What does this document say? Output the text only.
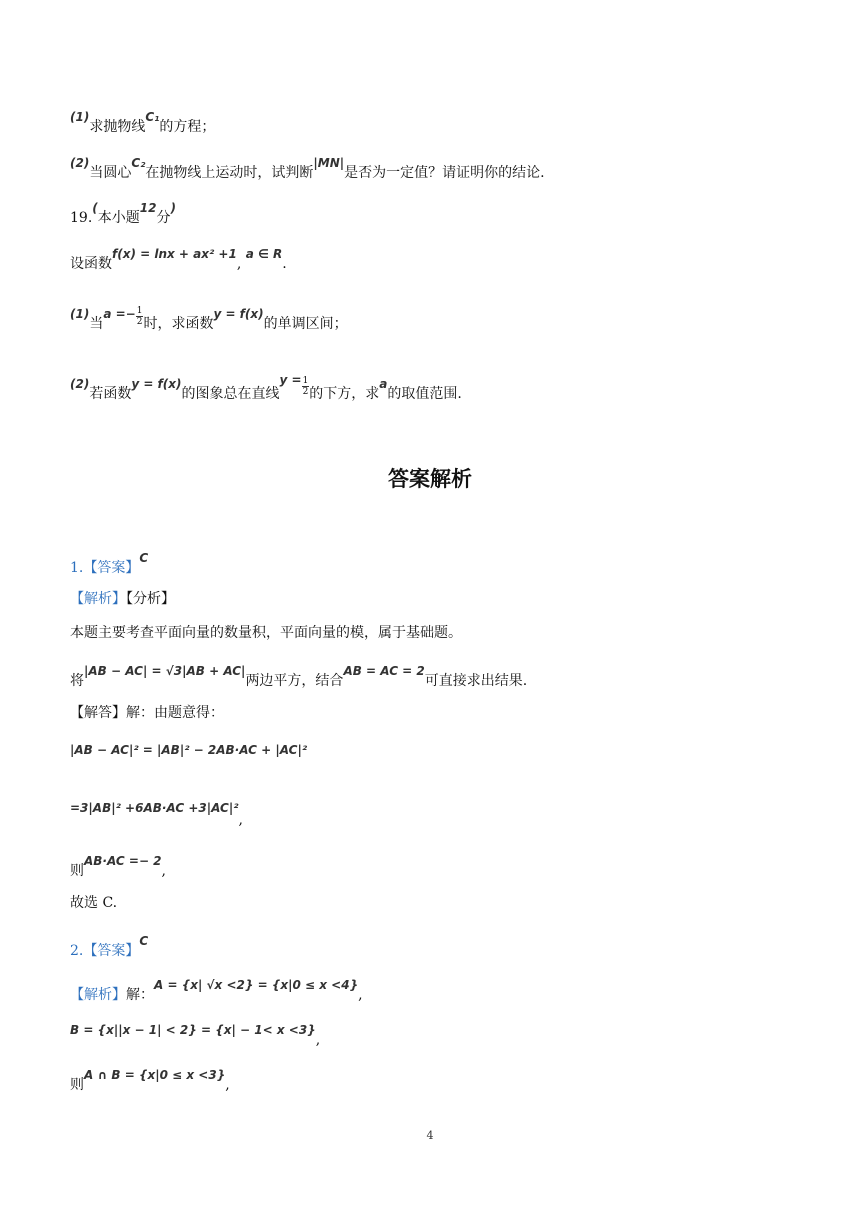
(1)求抛物线C₁的方程；
(2)当圆心C₂在抛物线上运动时，试判断|MN|是否为一定值？请证明你的结论.
19.(本小题12分)
设函数f(x) = lnx + ax² +1, a ∈ R.
(1)当$a =- \frac{1}{2}$ 时，求函数y = f(x)的单调区间；
(2)若函数y = f(x)的图象总在直线$y = \frac{1}{2}$ 的下方，求a的取值范围.
答案解析
1.【答案】C
【解析】【分析】
本题主要考查平面向量的数量积，平面向量的模，属于基础题。
将|AB − AC| = √3|AB + AC|两边平方，结合AB = AC = 2可直接求出结果.
【解答】解：由题意得：
|AB − AC|² = |AB|² − 2AB·AC + |AC|²
=3|AB|² +6AB·AC +3|AC|²,
则AB·AC =− 2,
故选 C.
2.【答案】C
【解析】解：A = {x| √x <2} = {x|0 ≤ x <4},
B = {x||x − 1| < 2} = {x| − 1< x <3},
则A ∩ B = {x|0 ≤ x <3},
4
